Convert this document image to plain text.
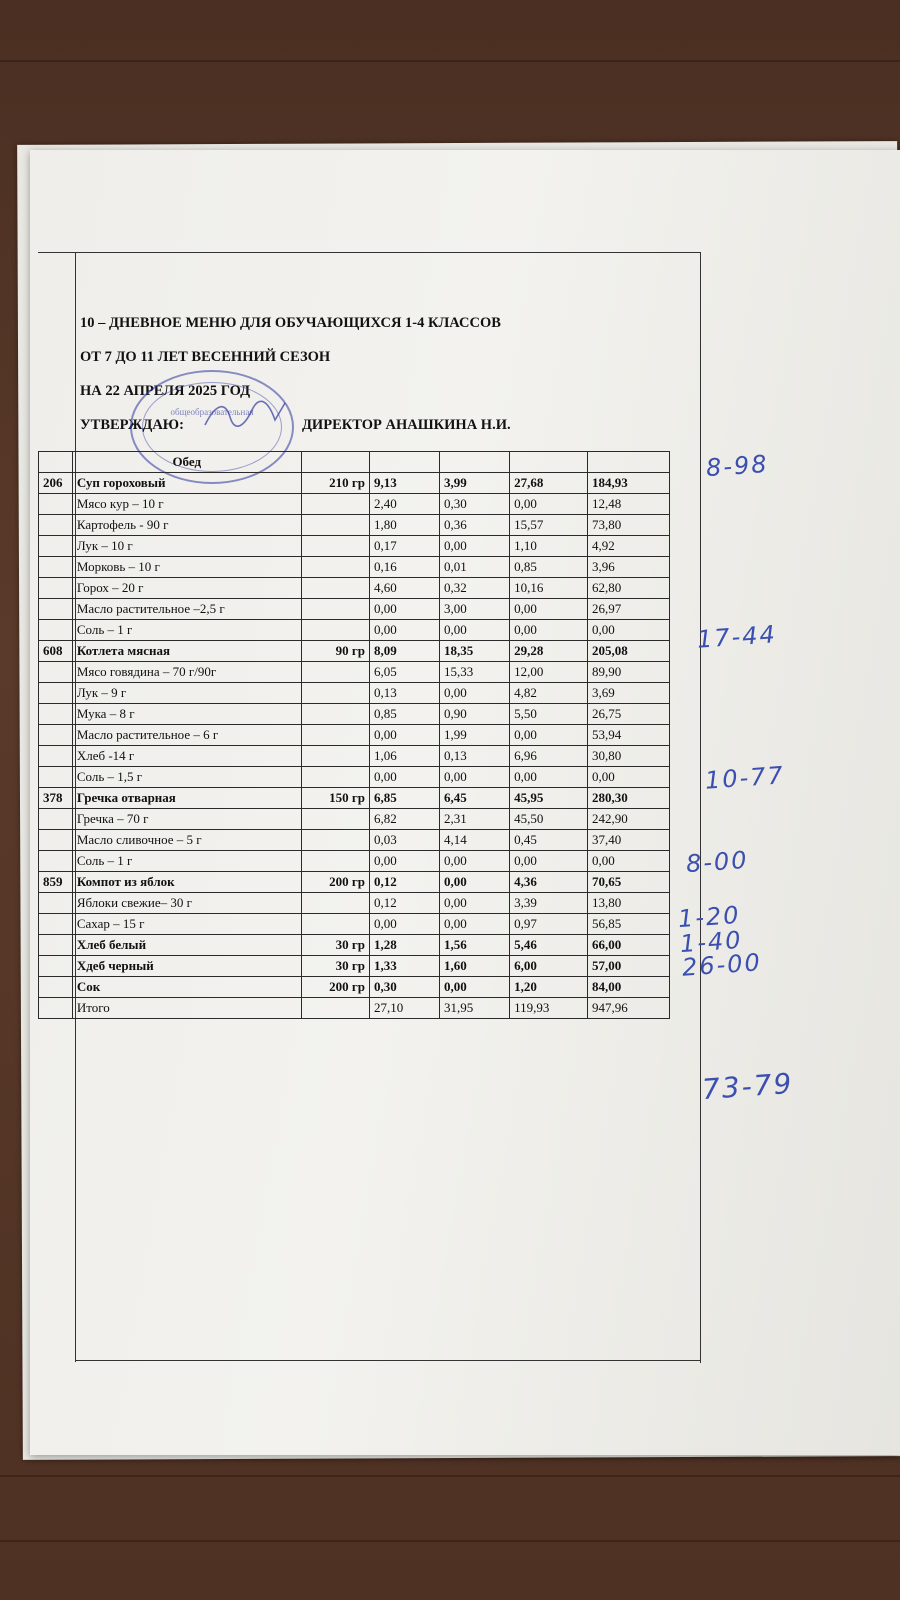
10 – ДНЕВНОЕ МЕНЮ ДЛЯ ОБУЧАЮЩИХСЯ 1-4 КЛАССОВ
ОТ 7 ДО 11 ЛЕТ ВЕСЕННИЙ СЕЗОН
НА 22 АПРЕЛЯ 2025 ГОД
УТВЕРЖДАЮ:	ДИРЕКТОР АНАШКИНА Н.И.
общеобразовательная
	Обед					
206	Суп гороховый	210 гр	9,13	3,99	27,68	184,93
	Мясо кур – 10 г		2,40	0,30	0,00	12,48
	Картофель - 90 г		1,80	0,36	15,57	73,80
	Лук – 10 г		0,17	0,00	1,10	4,92
	Морковь – 10 г		0,16	0,01	0,85	3,96
	Горох – 20 г		4,60	0,32	10,16	62,80
	Масло растительное –2,5 г		0,00	3,00	0,00	26,97
	Соль – 1 г		0,00	0,00	0,00	0,00
608	Котлета мясная	90 гр	8,09	18,35	29,28	205,08
	Мясо говядина – 70 г/90г		6,05	15,33	12,00	89,90
	Лук – 9 г		0,13	0,00	4,82	3,69
	Мука – 8 г		0,85	0,90	5,50	26,75
	Масло растительное – 6 г		0,00	1,99	0,00	53,94
	Хлеб -14 г		1,06	0,13	6,96	30,80
	Соль – 1,5 г		0,00	0,00	0,00	0,00
378	Гречка отварная	150 гр	6,85	6,45	45,95	280,30
	Гречка – 70 г		6,82	2,31	45,50	242,90
	Масло сливочное – 5 г		0,03	4,14	0,45	37,40
	Соль – 1 г		0,00	0,00	0,00	0,00
859	Компот из яблок	200 гр	0,12	0,00	4,36	70,65
	Яблоки свежие– 30 г		0,12	0,00	3,39	13,80
	Сахар – 15 г		0,00	0,00	0,97	56,85
	Хлеб белый	30 гр	1,28	1,56	5,46	66,00
	Хдеб черный	30 гр	1,33	1,60	6,00	57,00
	Сок	200 гр	0,30	0,00	1,20	84,00
	Итого		27,10	31,95	119,93	947,96
8-98
17-44
10-77
8-00
1-20
1-40
26-00
73-79
